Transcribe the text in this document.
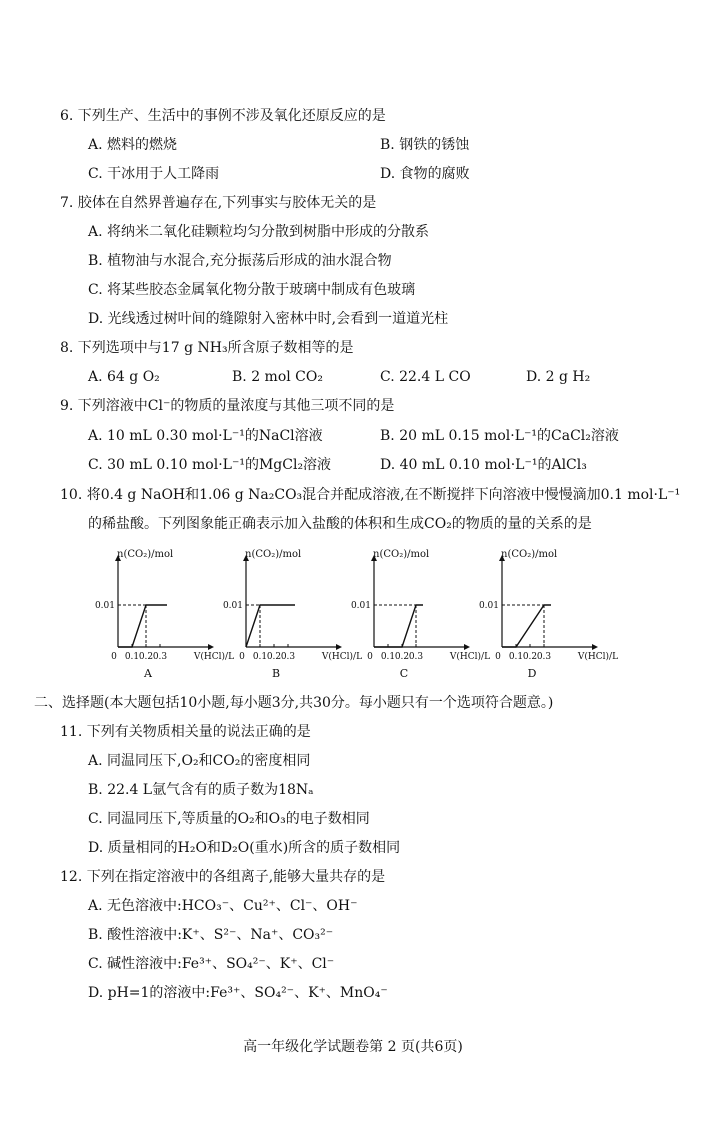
6. 下列生产、生活中的事例不涉及氧化还原反应的是
A. 燃料的燃烧	B. 钢铁的锈蚀
C. 干冰用于人工降雨	D. 食物的腐败
7. 胶体在自然界普遍存在,下列事实与胶体无关的是
A. 将纳米二氧化硅颗粒均匀分散到树脂中形成的分散系
B. 植物油与水混合,充分振荡后形成的油水混合物
C. 将某些胶态金属氧化物分散于玻璃中制成有色玻璃
D. 光线透过树叶间的缝隙射入密林中时,会看到一道道光柱
8. 下列选项中与17 g NH₃所含原子数相等的是
A. 64 g O₂	B. 2 mol CO₂	C. 22.4 L CO	D. 2 g H₂
9. 下列溶液中Cl⁻的物质的量浓度与其他三项不同的是
A. 10 mL 0.30 mol·L⁻¹的NaCl溶液	B. 20 mL 0.15 mol·L⁻¹的CaCl₂溶液
C. 30 mL 0.10 mol·L⁻¹的MgCl₂溶液	D. 40 mL 0.10 mol·L⁻¹的AlCl₃
10. 将0.4 g NaOH和1.06 g Na₂CO₃混合并配成溶液,在不断搅拌下向溶液中慢慢滴加0.1 mol·L⁻¹
的稀盐酸。下列图象能正确表示加入盐酸的体积和生成CO₂的物质的量的关系的是
n(CO₂)/mol
V(HCl)/L
0 0.1 0.2 0.3
0.01
A
n(CO₂)/mol
V(HCl)/L
0 0.1 0.2 0.3
0.01
B
n(CO₂)/mol
V(HCl)/L
0 0.1 0.2 0.3
0.01
C
n(CO₂)/mol
V(HCl)/L
0 0.1 0.2 0.3
0.01
D
二、选择题(本大题包括10小题,每小题3分,共30分。每小题只有一个选项符合题意。)
11. 下列有关物质相关量的说法正确的是
A. 同温同压下,O₂和CO₂的密度相同
B. 22.4 L氩气含有的质子数为18Nₐ
C. 同温同压下,等质量的O₂和O₃的电子数相同
D. 质量相同的H₂O和D₂O(重水)所含的质子数相同
12. 下列在指定溶液中的各组离子,能够大量共存的是
A. 无色溶液中:HCO₃⁻、Cu²⁺、Cl⁻、OH⁻
B. 酸性溶液中:K⁺、S²⁻、Na⁺、CO₃²⁻
C. 碱性溶液中:Fe³⁺、SO₄²⁻、K⁺、Cl⁻
D. pH=1的溶液中:Fe³⁺、SO₄²⁻、K⁺、MnO₄⁻
高一年级化学试题卷第 2 页(共6页)
